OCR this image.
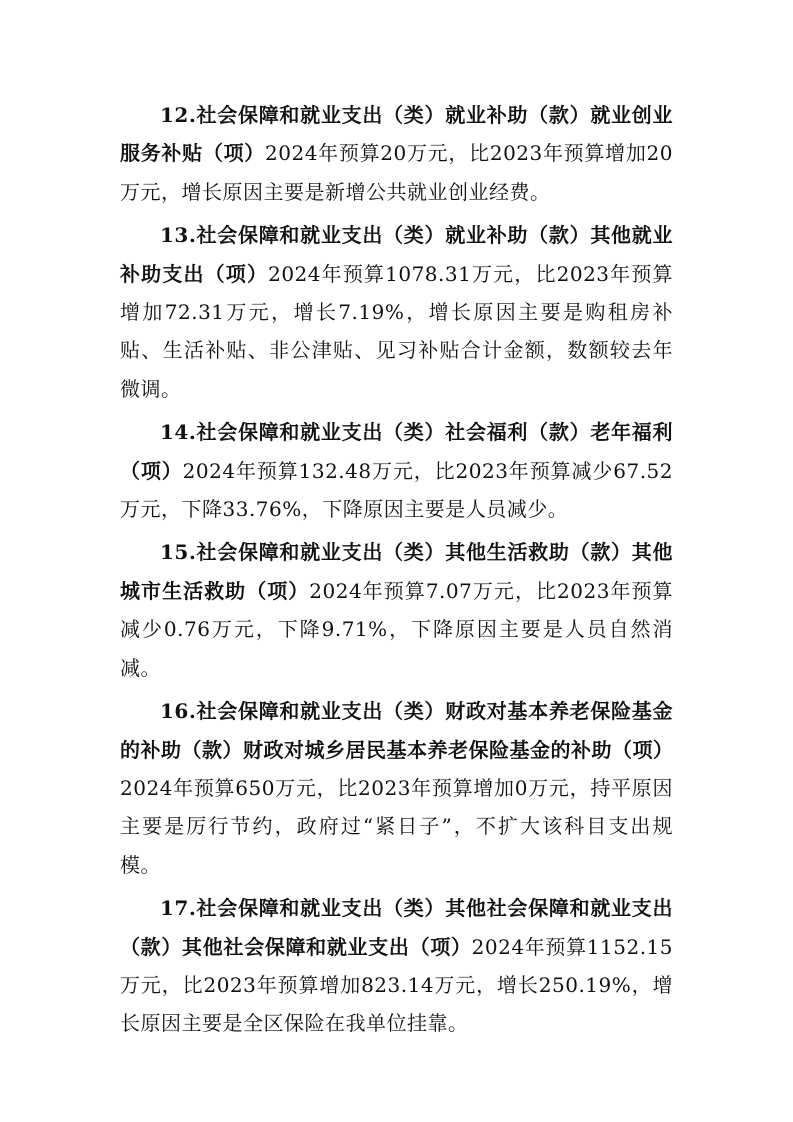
12.社会保障和就业支出（类）就业补助（款）就业创业服务补贴（项）2024年预算20万元，比2023年预算增加20万元，增长原因主要是新增公共就业创业经费。

13.社会保障和就业支出（类）就业补助（款）其他就业补助支出（项）2024年预算1078.31万元，比2023年预算增加72.31万元，增长7.19%，增长原因主要是购租房补贴、生活补贴、非公津贴、见习补贴合计金额，数额较去年微调。

14.社会保障和就业支出（类）社会福利（款）老年福利（项）2024年预算132.48万元，比2023年预算减少67.52万元，下降33.76%，下降原因主要是人员减少。

15.社会保障和就业支出（类）其他生活救助（款）其他城市生活救助（项）2024年预算7.07万元，比2023年预算减少0.76万元，下降9.71%，下降原因主要是人员自然消减。

16.社会保障和就业支出（类）财政对基本养老保险基金的补助（款）财政对城乡居民基本养老保险基金的补助（项）2024年预算650万元，比2023年预算增加0万元，持平原因主要是厉行节约，政府过“紧日子”，不扩大该科目支出规模。

17.社会保障和就业支出（类）其他社会保障和就业支出（款）其他社会保障和就业支出（项）2024年预算1152.15万元，比2023年预算增加823.14万元，增长250.19%，增长原因主要是全区保险在我单位挂靠。
